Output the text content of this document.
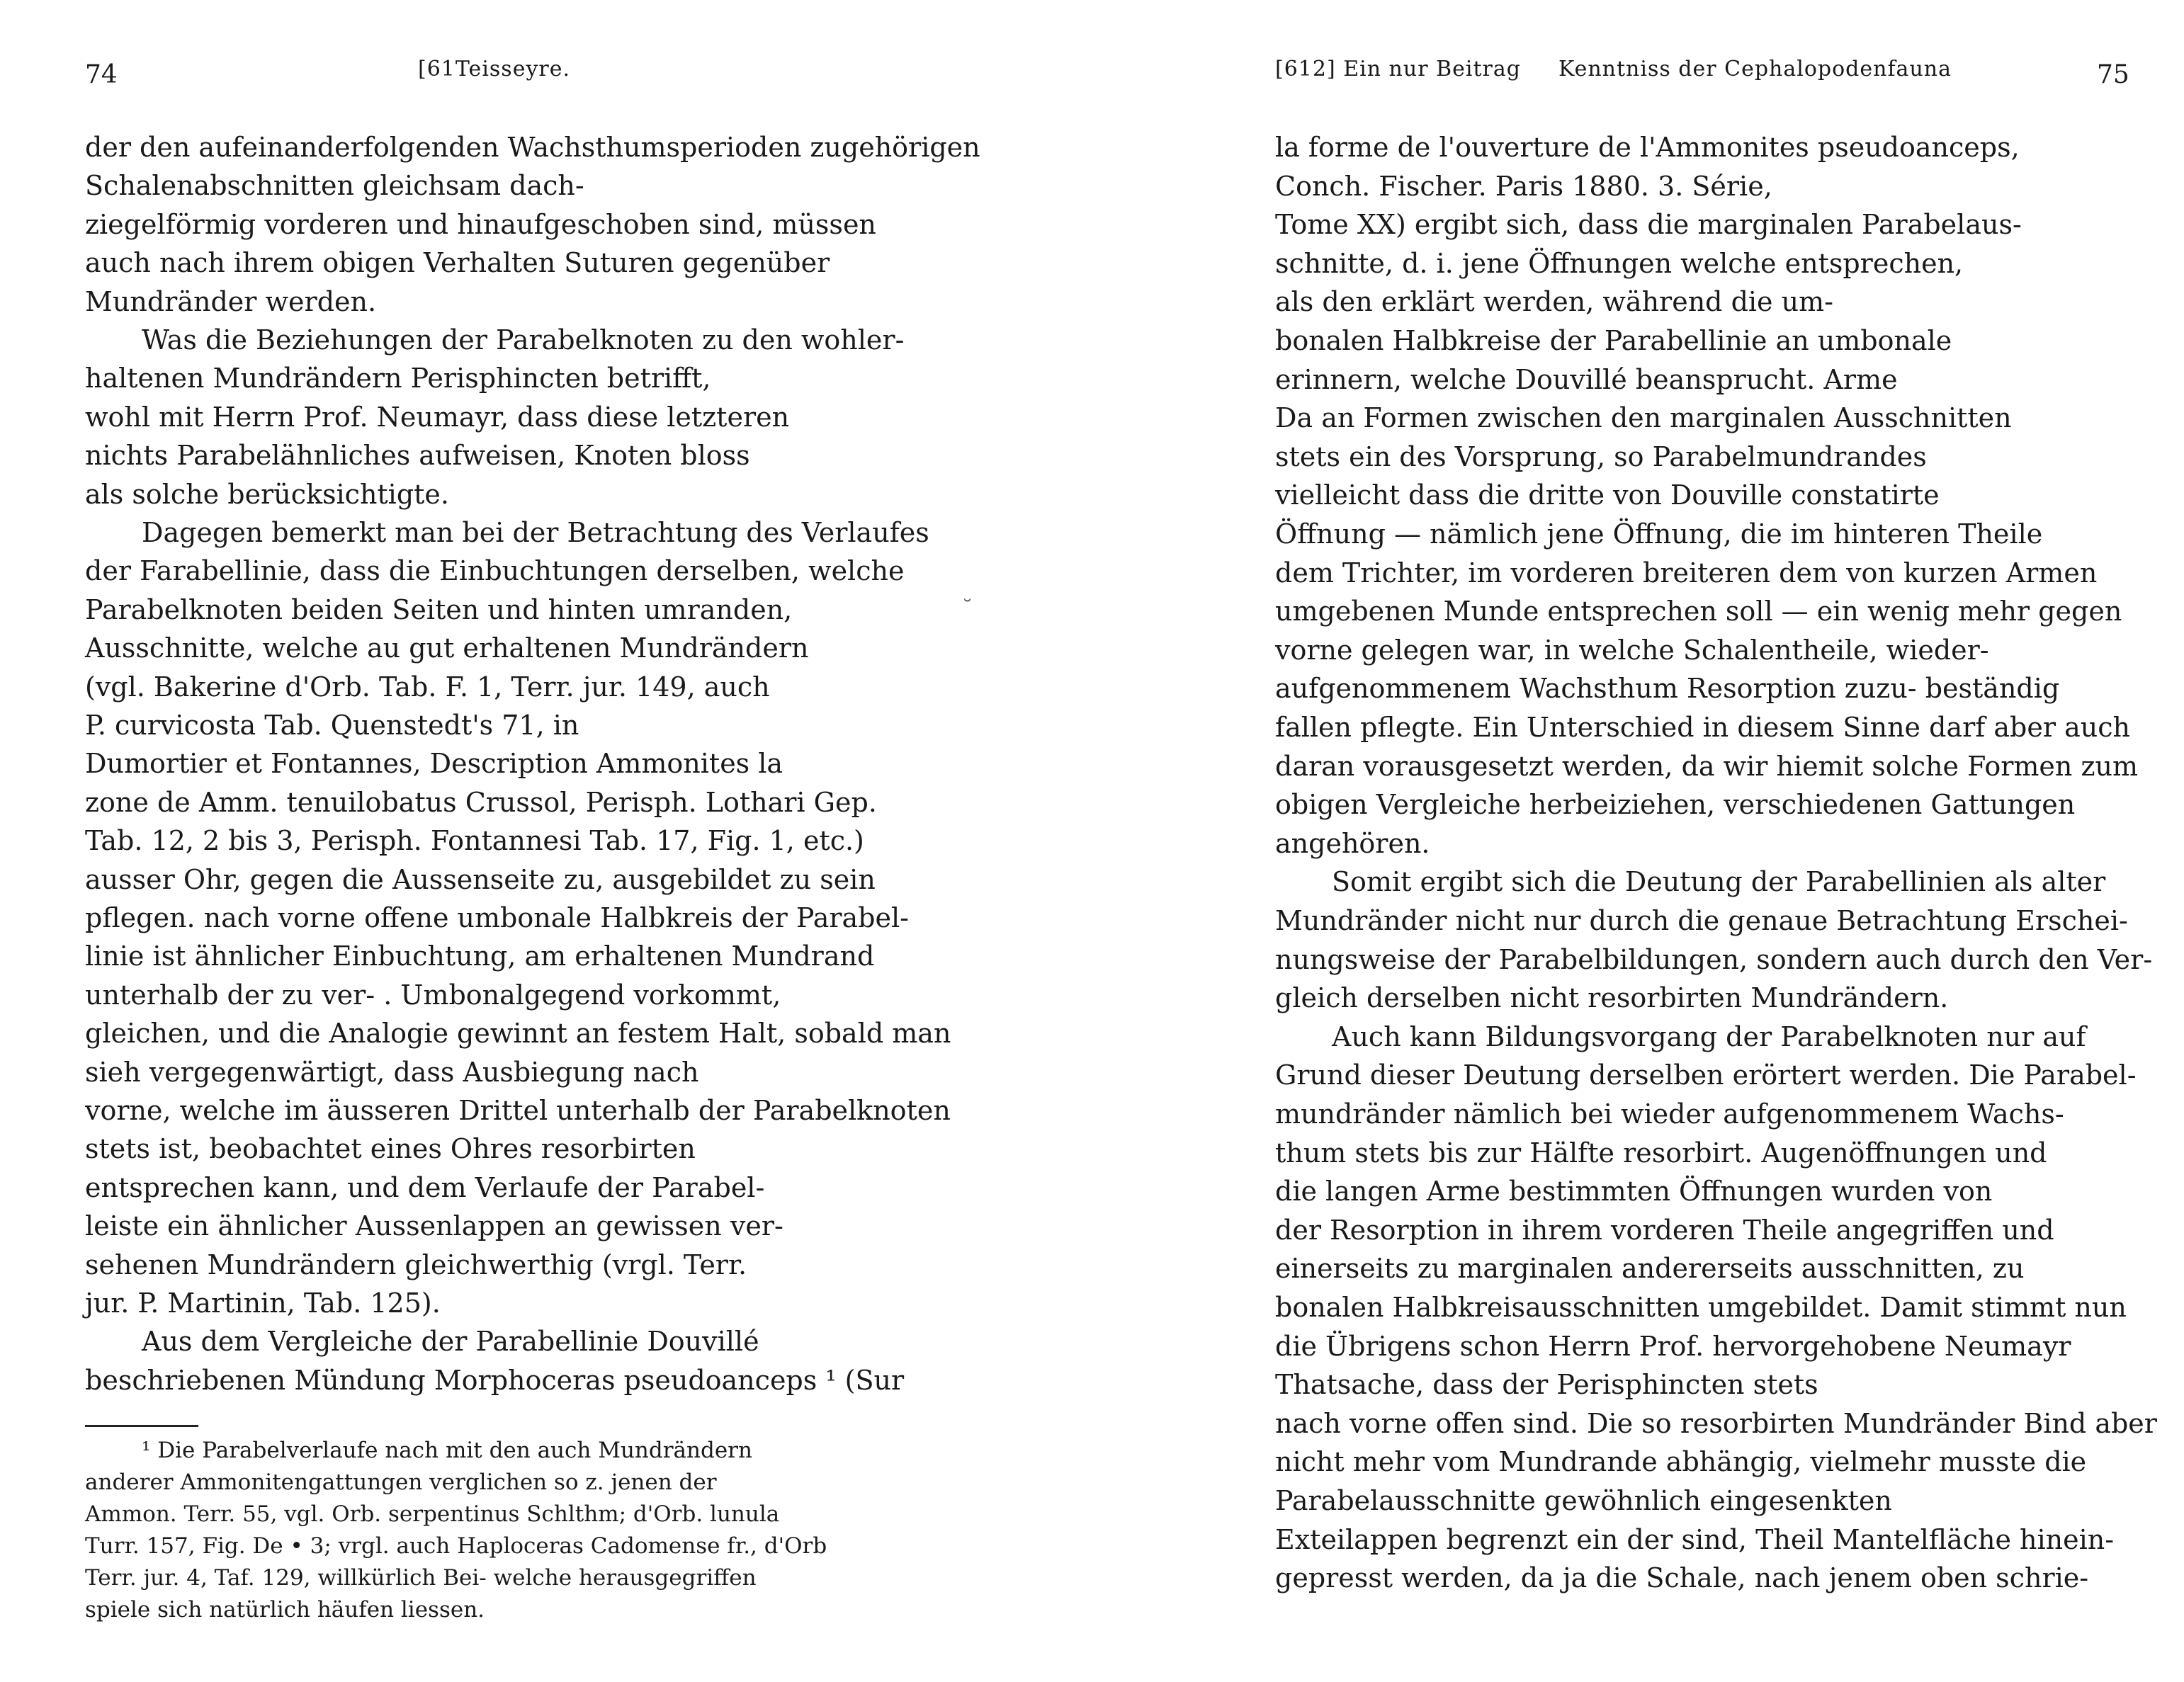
74	[61Teisseyre.
der den aufeinanderfolgenden Wachsthumsperioden zugehörigen
Schalenabschnitten gleichsam dach-
ziegelförmig vorderen und hinaufgeschoben sind, müssen
auch nach ihrem obigen Verhalten Suturen gegenüber
Mundränder werden.
Was die Beziehungen der Parabelknoten zu den wohler-
haltenen Mundrändern Perisphincten betrifft,
wohl mit Herrn Prof. Neumayr, dass diese letzteren
nichts Parabelähnliches aufweisen, Knoten bloss
als solche berücksichtigte.
Dagegen bemerkt man bei der Betrachtung des Verlaufes
der Farabellinie, dass die Einbuchtungen derselben, welche
Parabelknoten beiden Seiten und hinten umranden,
Ausschnitte, welche au gut erhaltenen Mundrändern
(vgl. Bakerine d'Orb. Tab. F. 1, Terr. jur. 149, auch
P. curvicosta Tab. Quenstedt's 71, in
Dumortier et Fontannes, Description Ammonites la
zone de Amm. tenuilobatus Crussol, Perisph. Lothari Gep.
Tab. 12, 2 bis 3, Perisph. Fontannesi Tab. 17, Fig. 1, etc.)
ausser Ohr, gegen die Aussenseite zu, ausgebildet zu sein
pflegen. nach vorne offene umbonale Halbkreis der Parabel-
linie ist ähnlicher Einbuchtung, am erhaltenen Mundrand
unterhalb der zu ver- . Umbonalgegend vorkommt,
gleichen, und die Analogie gewinnt an festem Halt, sobald man
sieh vergegenwärtigt, dass Ausbiegung nach
vorne, welche im äusseren Drittel unterhalb der Parabelknoten
stets ist, beobachtet eines Ohres resorbirten
entsprechen kann, und dem Verlaufe der Parabel-
leiste ein ähnlicher Aussenlappen an gewissen ver-
sehenen Mundrändern gleichwerthig (vrgl. Terr.
jur. P. Martinin, Tab. 125).
Aus dem Vergleiche der Parabellinie Douvillé
beschriebenen Mündung Morphoceras pseudoanceps ¹ (Sur
¹ Die Parabelverlaufe nach mit den auch Mundrändern
anderer Ammonitengattungen verglichen so z. jenen der
Ammon. Terr. 55, vgl. Orb. serpentinus Schlthm; d'Orb. lunula
Turr. 157, Fig. De • 3; vrgl. auch Haploceras Cadomense fr., d'Orb
Terr. jur. 4, Taf. 129, willkürlich Bei- welche herausgegriffen
spiele sich natürlich häufen liessen.
˘
[612] Ein nur Beitrag Kenntniss der Cephalopodenfauna	75
la forme de l'ouverture de l'Ammonites pseudoanceps,
Conch. Fischer. Paris 1880. 3. Série,
Tome XX) ergibt sich, dass die marginalen Parabelaus-
schnitte, d. i. jene Öffnungen welche entsprechen,
als den erklärt werden, während die um-
bonalen Halbkreise der Parabellinie an umbonale
erinnern, welche Douvillé beansprucht. Arme
Da an Formen zwischen den marginalen Ausschnitten
stets ein des Vorsprung, so Parabelmundrandes
vielleicht dass die dritte von Douville constatirte
Öffnung — nämlich jene Öffnung, die im hinteren Theile
dem Trichter, im vorderen breiteren dem von kurzen Armen
umgebenen Munde entsprechen soll — ein wenig mehr gegen
vorne gelegen war, in welche Schalentheile, wieder-
aufgenommenem Wachsthum Resorption zuzu- beständig
fallen pflegte. Ein Unterschied in diesem Sinne darf aber auch
daran vorausgesetzt werden, da wir hiemit solche Formen zum
obigen Vergleiche herbeiziehen, verschiedenen Gattungen
angehören.
Somit ergibt sich die Deutung der Parabellinien als alter
Mundränder nicht nur durch die genaue Betrachtung Erschei-
nungsweise der Parabelbildungen, sondern auch durch den Ver-
gleich derselben nicht resorbirten Mundrändern.
Auch kann Bildungsvorgang der Parabelknoten nur auf
Grund dieser Deutung derselben erörtert werden. Die Parabel-
mundränder nämlich bei wieder aufgenommenem Wachs-
thum stets bis zur Hälfte resorbirt. Augenöffnungen und
die langen Arme bestimmten Öffnungen wurden von
der Resorption in ihrem vorderen Theile angegriffen und
einerseits zu marginalen andererseits ausschnitten, zu
bonalen Halbkreisausschnitten umgebildet. Damit stimmt nun
die Übrigens schon Herrn Prof. hervorgehobene Neumayr
Thatsache, dass der Perisphincten stets
nach vorne offen sind. Die so resorbirten Mundränder Bind aber
nicht mehr vom Mundrande abhängig, vielmehr musste die
Parabelausschnitte gewöhnlich eingesenkten
Exteilappen begrenzt ein der sind, Theil Mantelfläche hinein-
gepresst werden, da ja die Schale, nach jenem oben schrie-
